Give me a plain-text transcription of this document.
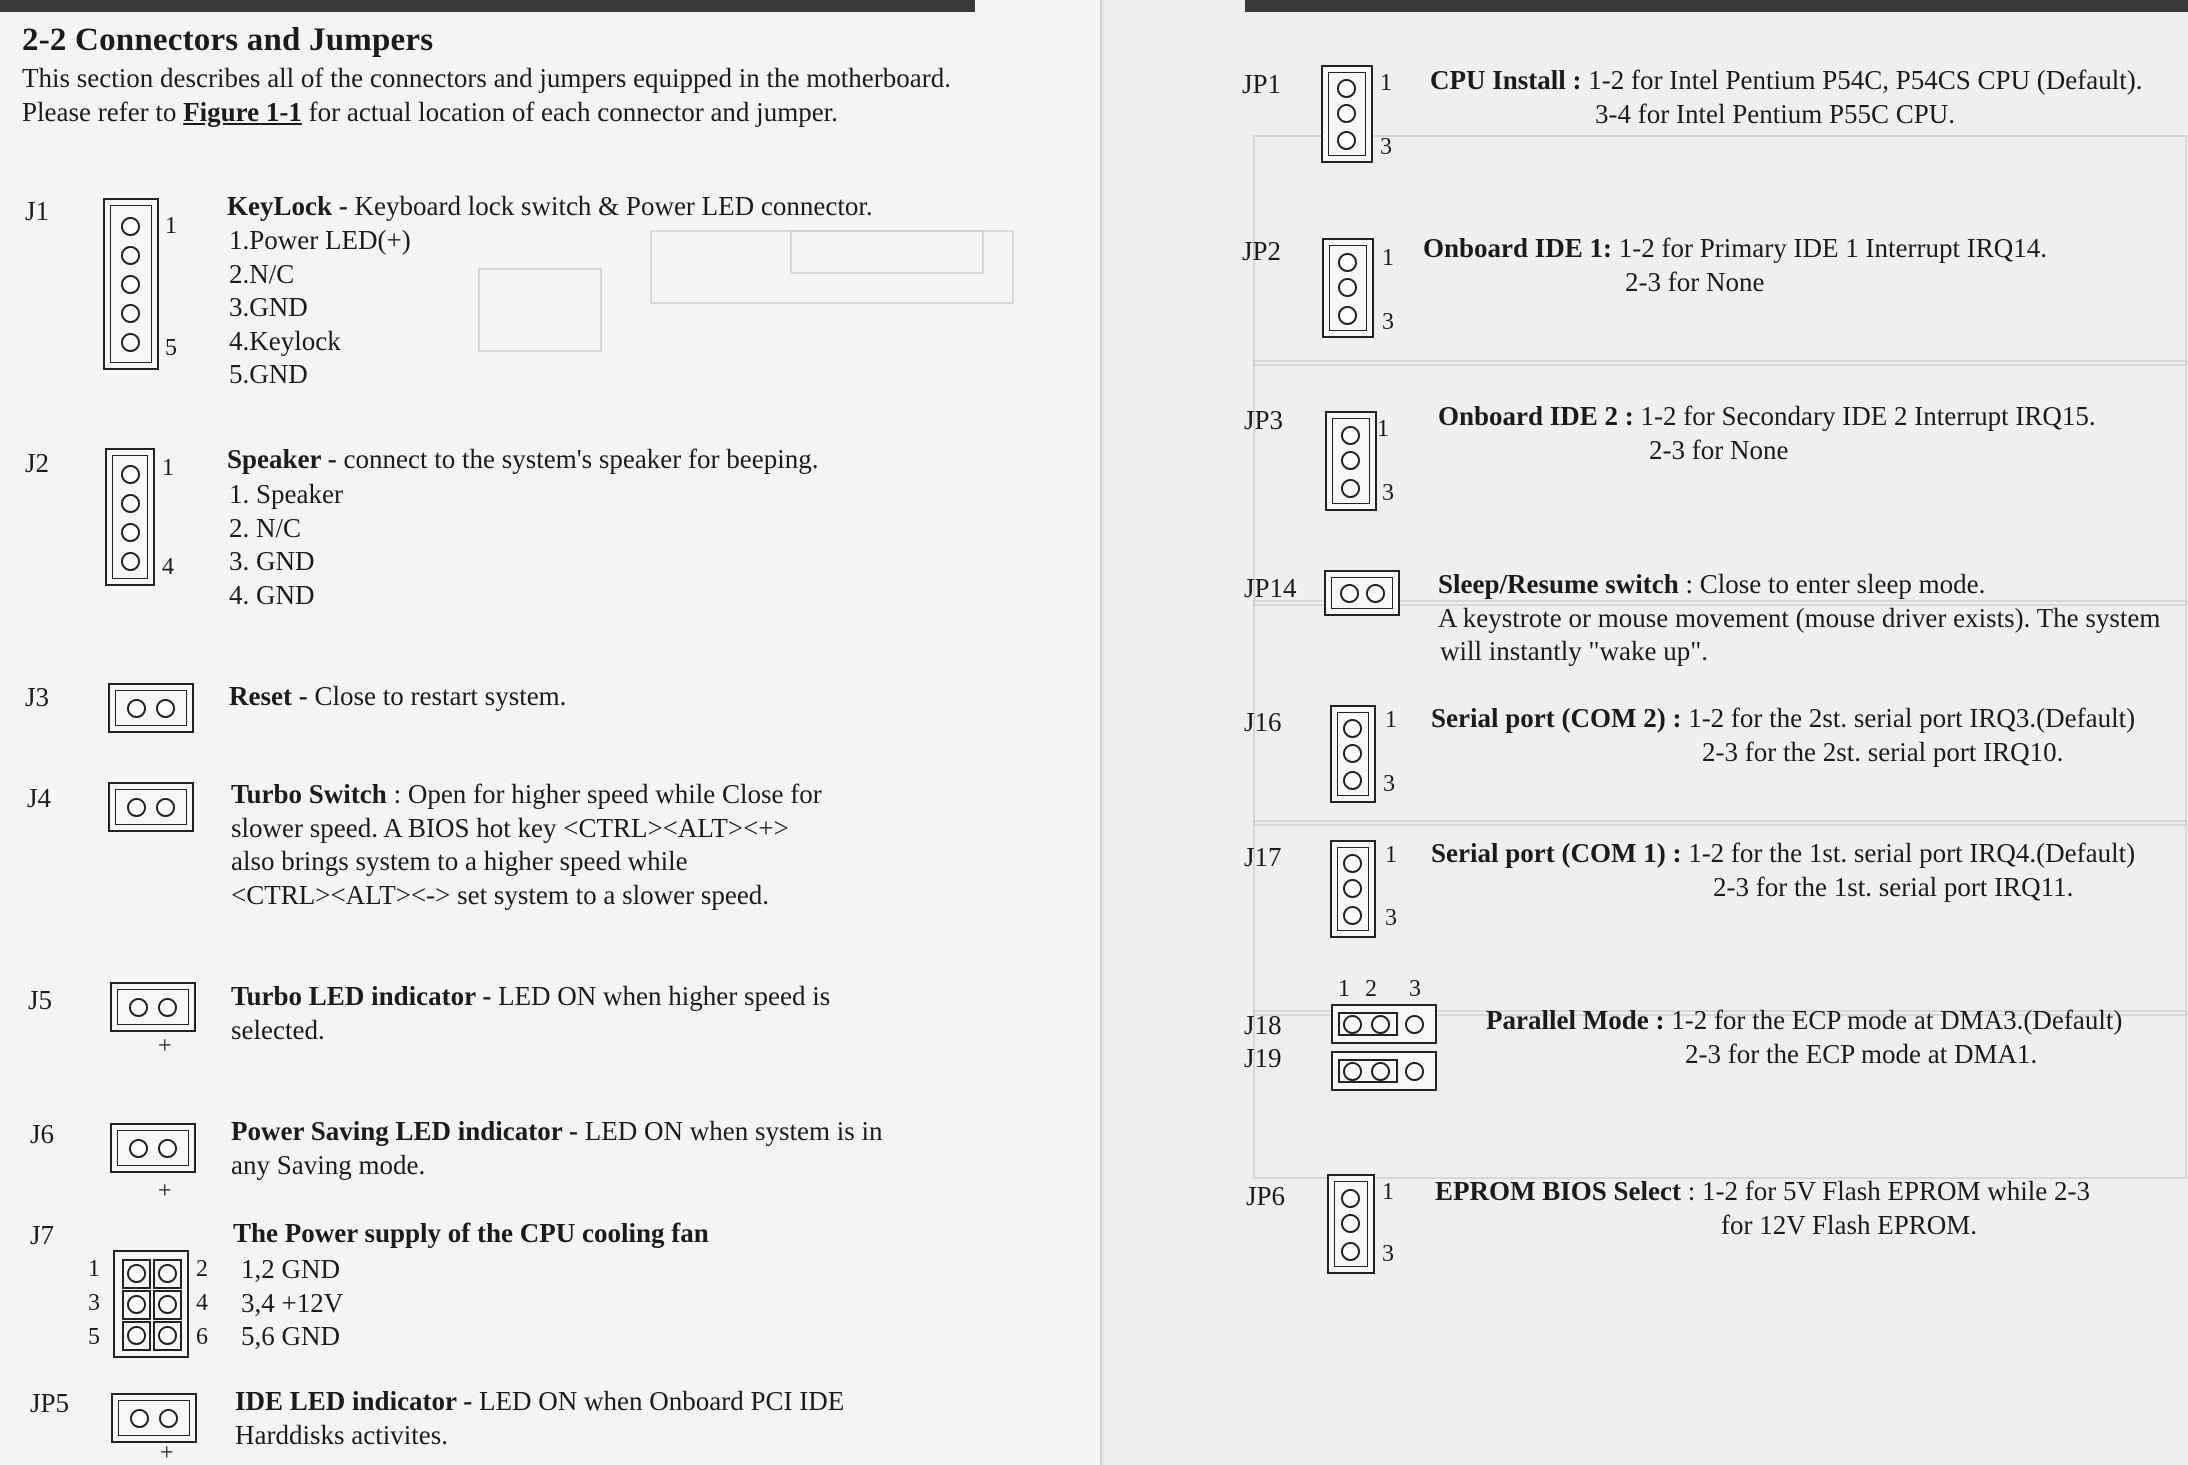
2-2 Connectors and Jumpers
This section describes all of the connectors and jumpers equipped in the motherboard. Please refer to Figure 1-1 for actual location of each connector and jumper.
J1	1
5
KeyLock - Keyboard lock switch & Power LED connector.
1.Power LED(+)
2.N/C
3.GND
4.Keylock
5.GND
J2	1
4
Speaker - connect to the system's speaker for beeping.
1. Speaker
2. N/C
3. GND
4. GND
J3	Reset - Close to restart system.
J4	Turbo Switch : Open for higher speed while Close for
slower speed. A BIOS hot key <CTRL><ALT><+>
also brings system to a higher speed while
<CTRL><ALT><-> set system to a slower speed.
J5
+
Turbo LED indicator - LED ON when higher speed is
selected.
J6
+
Power Saving LED indicator - LED ON when system is in
any Saving mode.
J7	The Power supply of the CPU cooling fan
1
3
5
2
4
6
1,2 GND
3,4 +12V
5,6 GND
JP5
+
IDE LED indicator - LED ON when Onboard PCI IDE
Harddisks activites.
JP1	1
3
CPU Install : 1-2 for Intel Pentium P54C, P54CS CPU (Default).
3-4 for Intel Pentium P55C CPU.
JP2	1
3
Onboard IDE 1: 1-2 for Primary IDE 1 Interrupt IRQ14.
2-3 for None
JP3	1
3
Onboard IDE 2 : 1-2 for Secondary IDE 2 Interrupt IRQ15.
2-3 for None
JP14	Sleep/Resume switch : Close to enter sleep mode.
A keystrote or mouse movement (mouse driver exists). The system
will instantly "wake up".
J16	1
3
Serial port (COM 2) : 1-2 for the 2st. serial port IRQ3.(Default)
2-3 for the 2st. serial port IRQ10.
J17	1
3
Serial port (COM 1) : 1-2 for the 1st. serial port IRQ4.(Default)
2-3 for the 1st. serial port IRQ11.
1 2 3
J18
J19
Parallel Mode : 1-2 for the ECP mode at DMA3.(Default)
2-3 for the ECP mode at DMA1.
JP6	1
3
EPROM BIOS Select : 1-2 for 5V Flash EPROM while 2-3
for 12V Flash EPROM.
